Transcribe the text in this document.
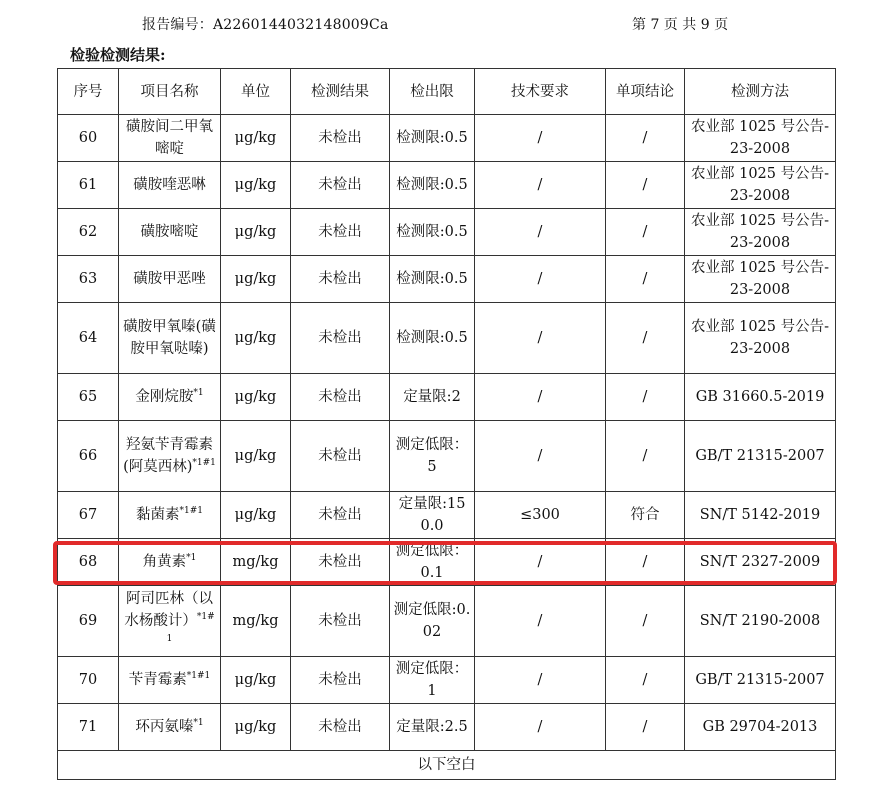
报告编号：A2260144032148009Ca	第 7 页 共 9 页
检验检测结果:
序号	项目名称	单位	检测结果	检出限	技术要求	单项结论	检测方法
60	磺胺间二甲氧嘧啶	μg/kg	未检出	检测限:0.5	/	/	农业部 1025 号公告-23-2008
61	磺胺喹恶啉	μg/kg	未检出	检测限:0.5	/	/	农业部 1025 号公告-23-2008
62	磺胺嘧啶	μg/kg	未检出	检测限:0.5	/	/	农业部 1025 号公告-23-2008
63	磺胺甲恶唑	μg/kg	未检出	检测限:0.5	/	/	农业部 1025 号公告-23-2008
64	磺胺甲氧嗪(磺胺甲氧哒嗪)	μg/kg	未检出	检测限:0.5	/	/	农业部 1025 号公告-23-2008
65	金刚烷胺$^{*1}$	μg/kg	未检出	定量限:2	/	/	GB 31660.5-2019
66	羟氨苄青霉素(阿莫西林)$^{*1\#1}$	μg/kg	未检出	测定低限：5	/	/	GB/T 21315-2007
67	黏菌素$^{*1\#1}$	μg/kg	未检出	定量限:150.0	≤300	符合	SN/T 5142-2019
68	角黄素$^{*1}$	mg/kg	未检出	测定低限：0.1	/	/	SN/T 2327-2009
69	阿司匹林（以水杨酸计）$^{*1\#1}$	mg/kg	未检出	测定低限:0.02	/	/	SN/T 2190-2008
70	苄青霉素$^{*1\#1}$	μg/kg	未检出	测定低限：1	/	/	GB/T 21315-2007
71	环丙氨嗪$^{*1}$	μg/kg	未检出	定量限:2.5	/	/	GB 29704-2013
以下空白							
